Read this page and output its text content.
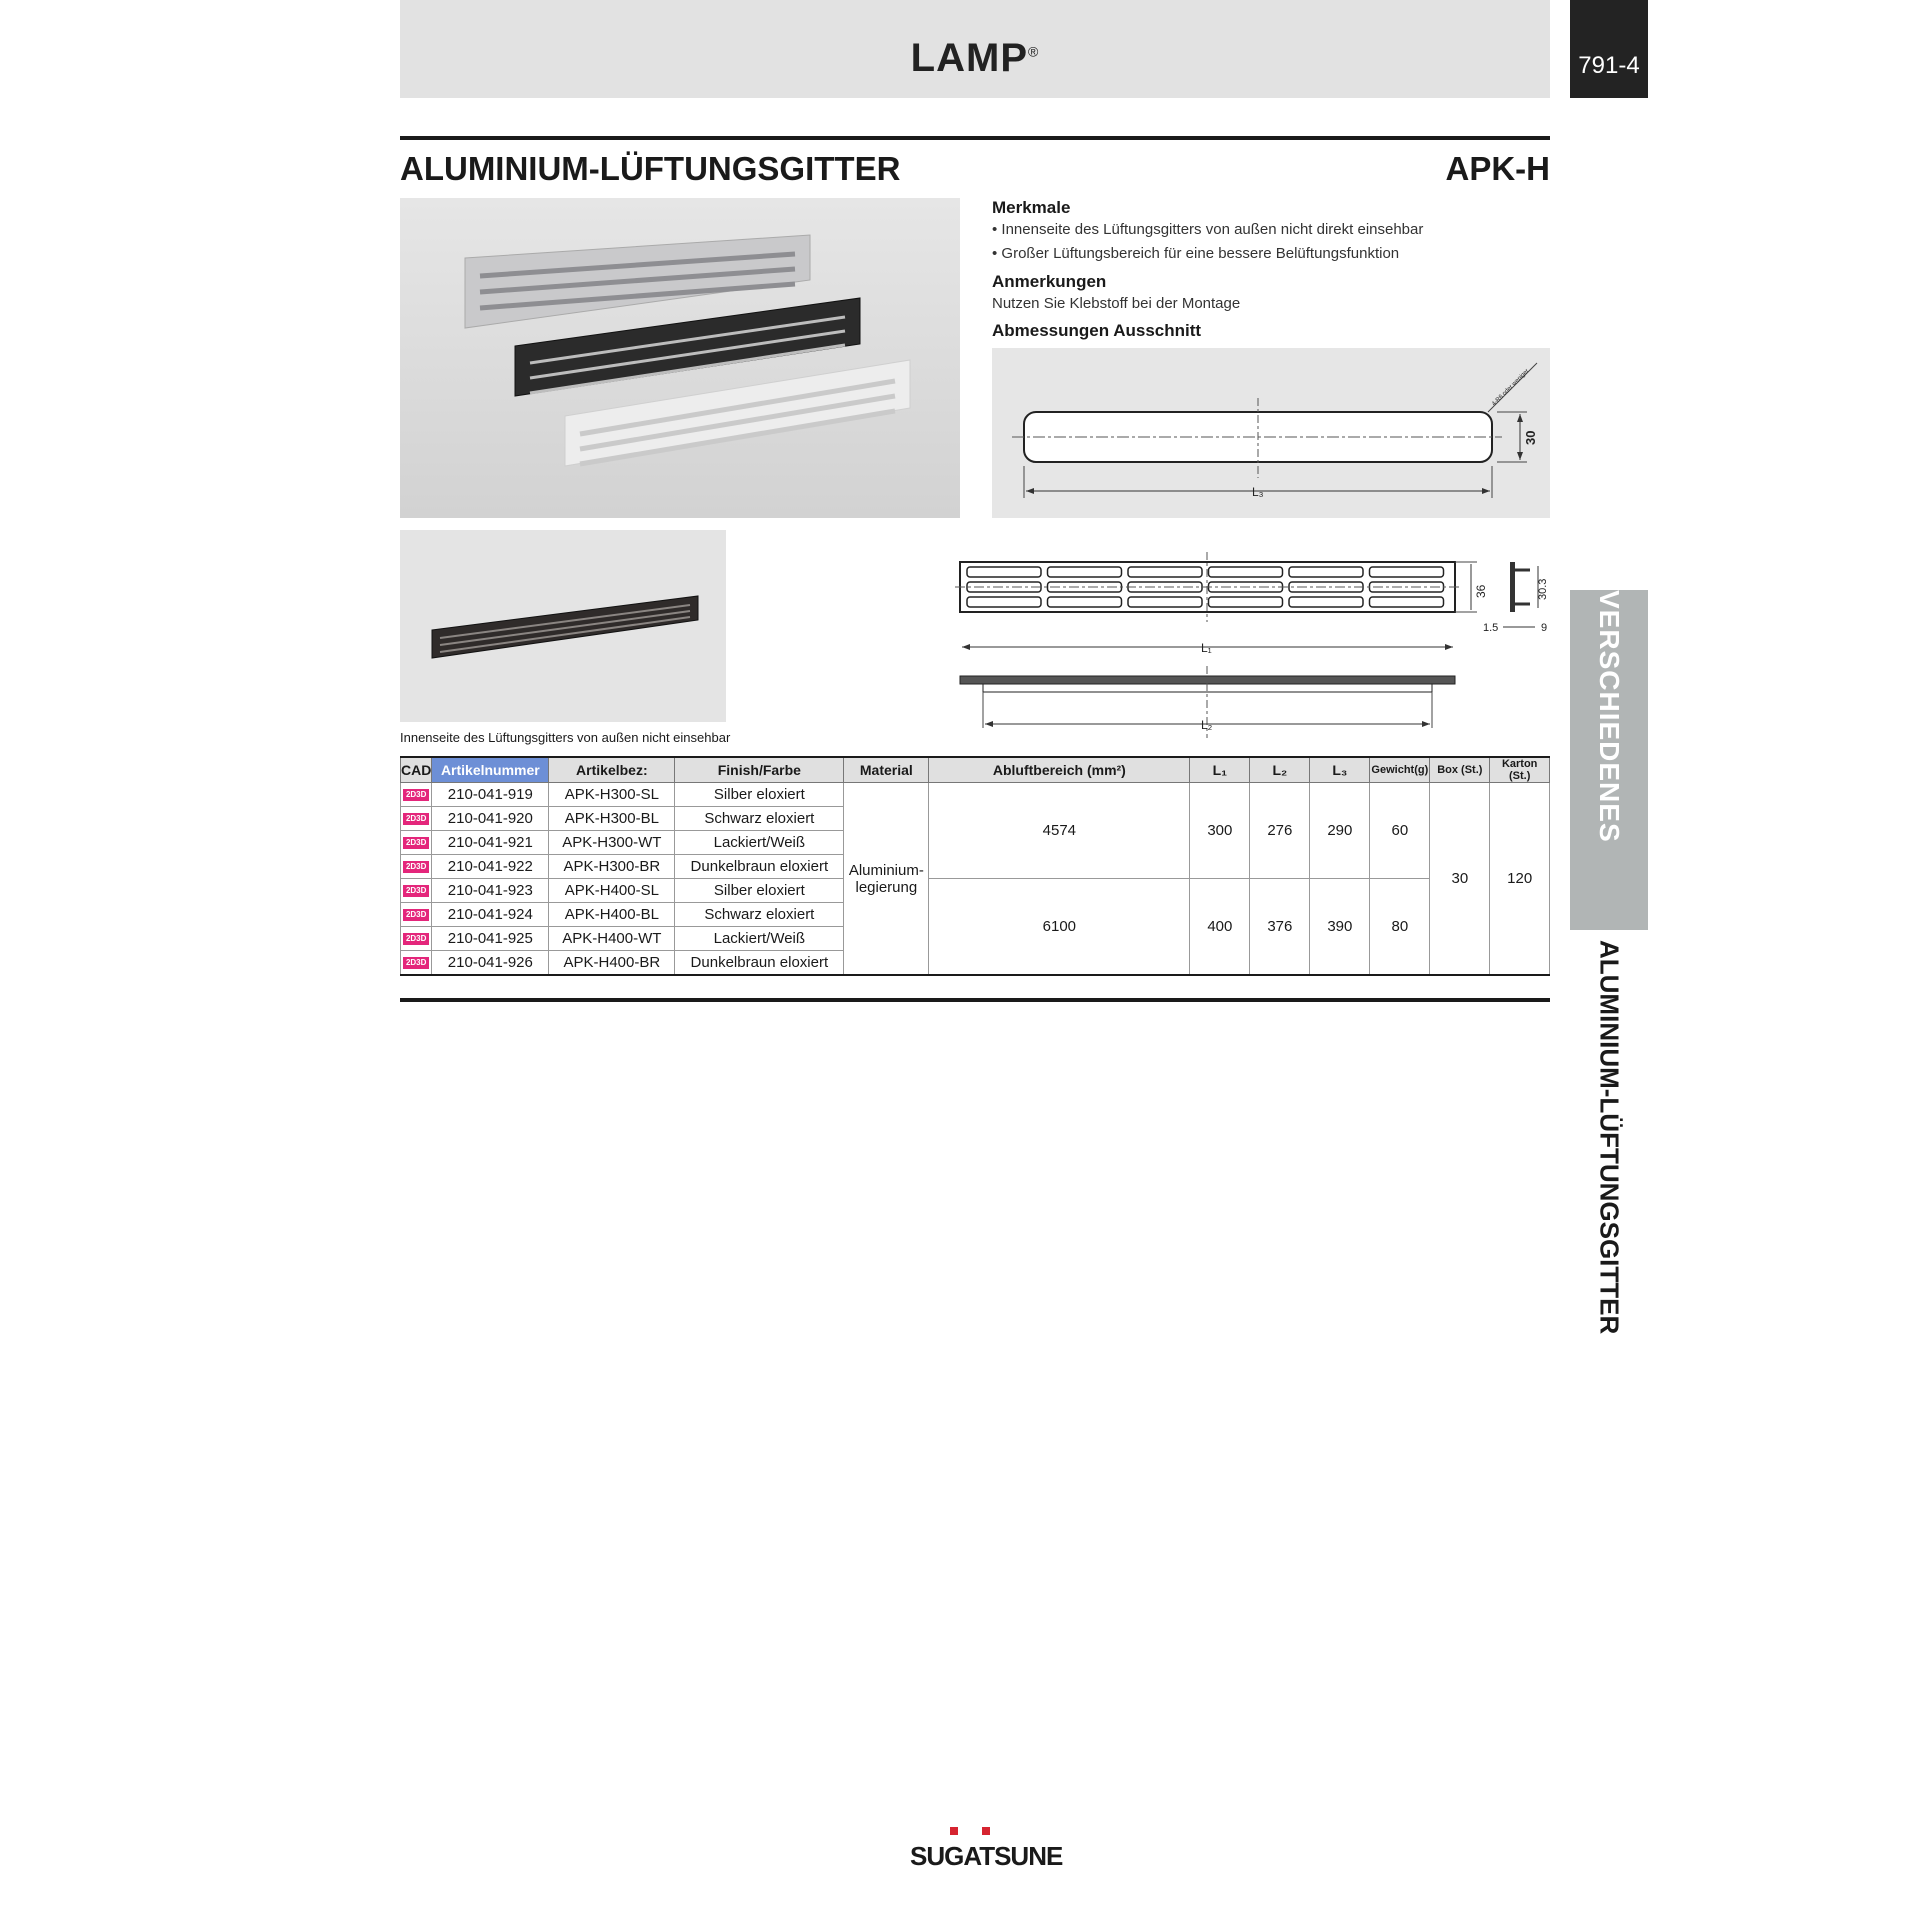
LAMP®
791-4
ALUMINIUM-LÜFTUNGSGITTER	APK-H
Innenseite des Lüftungsgitters von außen nicht einsehbar
Merkmale
• Innenseite des Lüftungsgitters von außen nicht direkt einsehbar
• Großer Lüftungsbereich für eine bessere Belüftungsfunktion
Anmerkungen
Nutzen Sie Klebstoff bei der Montage
Abmessungen Ausschnitt
L₃
30
4-R6 oder weniger
36	30.3
1.5	9
L₁
L₂
CAD	Artikelnummer	Artikelbez:	Finish/Farbe	Material	Abluftbereich (mm²)	L₁	L₂	L₃	Gewicht(g)	Box (St.)	Karton (St.)
2D3D	210-041-919	APK-H300-SL	Silber eloxiert	Aluminium-legierung	4574	300	276	290	60	30	120
2D3D	210-041-920	APK-H300-BL	Schwarz eloxiert								
2D3D	210-041-921	APK-H300-WT	Lackiert/Weiß								
2D3D	210-041-922	APK-H300-BR	Dunkelbraun eloxiert								
2D3D	210-041-923	APK-H400-SL	Silber eloxiert		6100	400	376	390	80		
2D3D	210-041-924	APK-H400-BL	Schwarz eloxiert								
2D3D	210-041-925	APK-H400-WT	Lackiert/Weiß								
2D3D	210-041-926	APK-H400-BR	Dunkelbraun eloxiert								
VERSCHIEDENES
ALUMINIUM-LÜFTUNGSGITTER
SUGATSUNE
